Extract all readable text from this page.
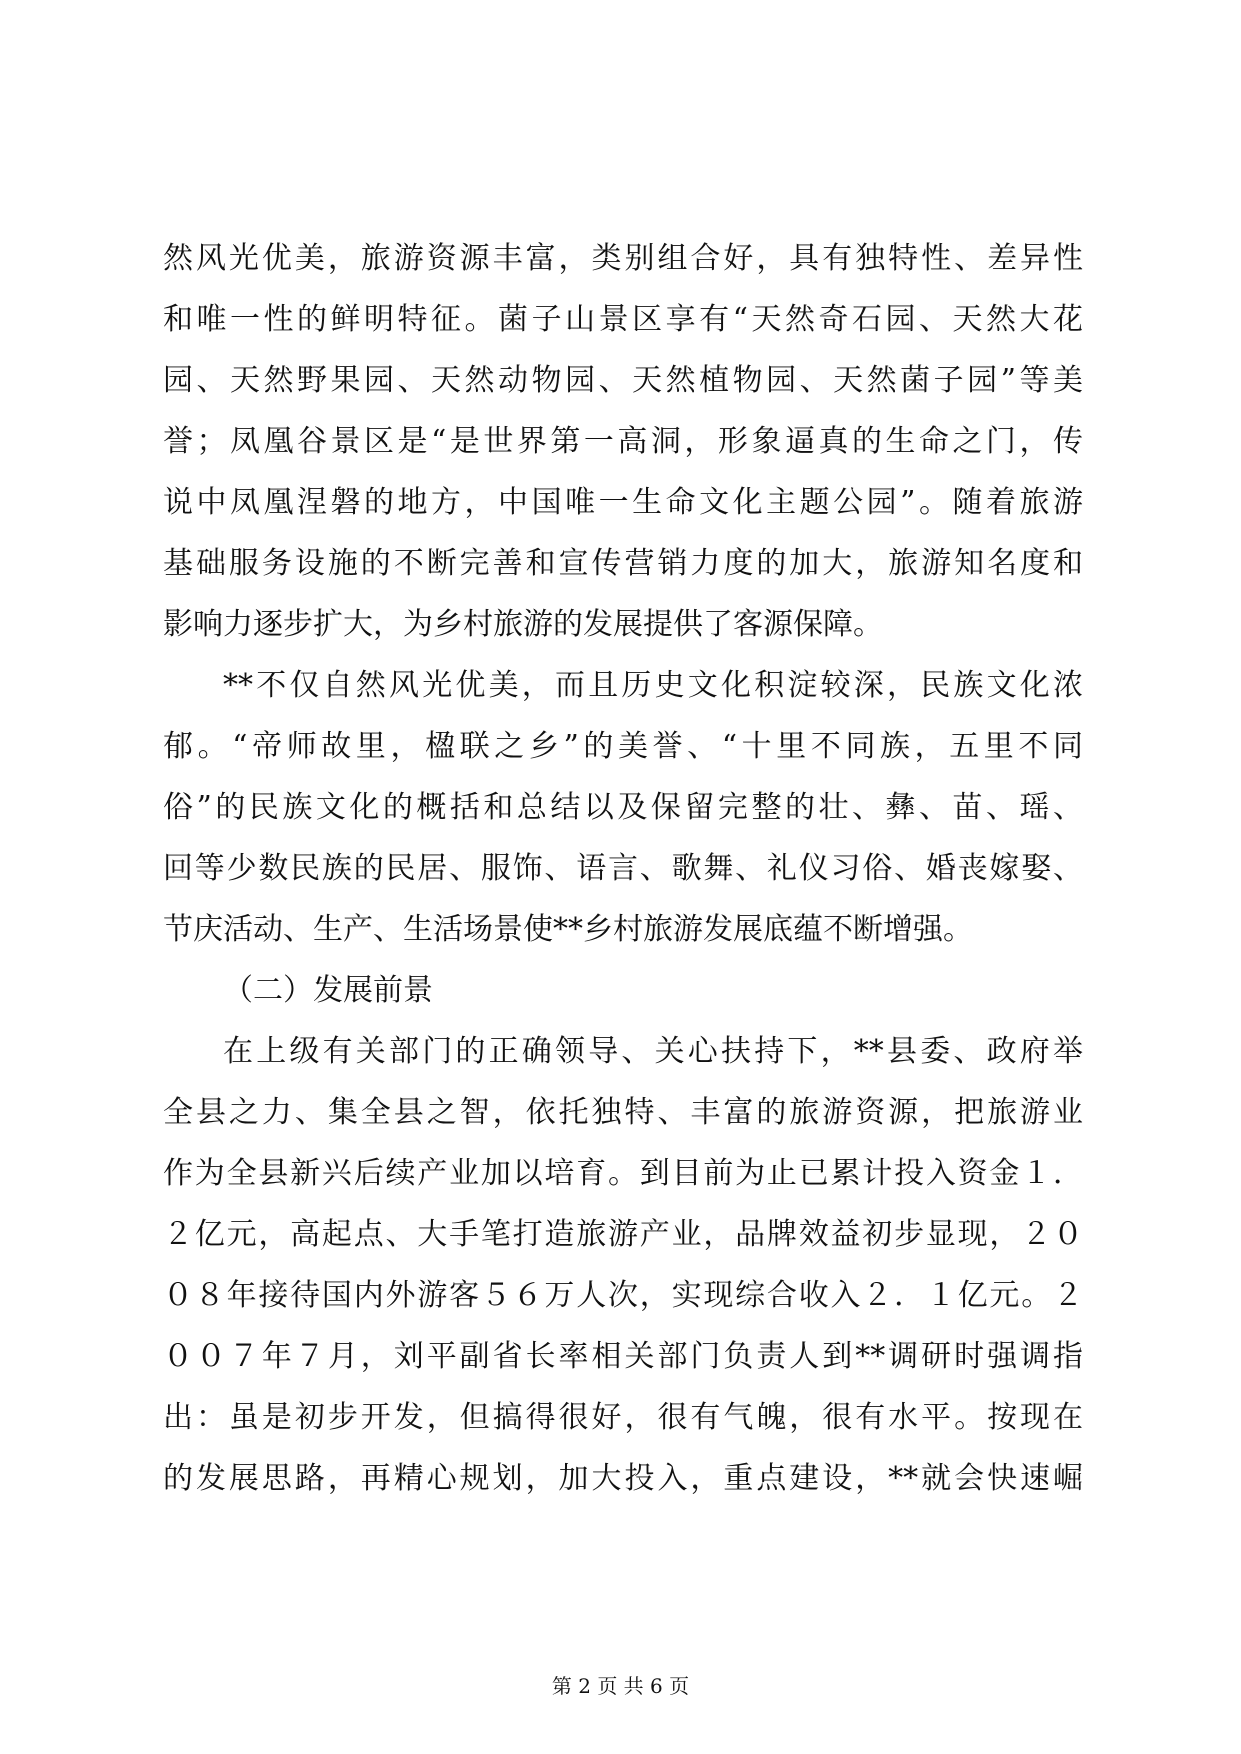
然风光优美，旅游资源丰富，类别组合好，具有独特性、差异性
和唯一性的鲜明特征。菌子山景区享有“天然奇石园、天然大花
园、天然野果园、天然动物园、天然植物园、天然菌子园”等美
誉；凤凰谷景区是“是世界第一高洞，形象逼真的生命之门，传
说中凤凰涅磐的地方，中国唯一生命文化主题公园”。随着旅游
基础服务设施的不断完善和宣传营销力度的加大，旅游知名度和
影响力逐步扩大，为乡村旅游的发展提供了客源保障。
**不仅自然风光优美，而且历史文化积淀较深，民族文化浓
郁。“帝师故里，楹联之乡”的美誉、“十里不同族，五里不同
俗”的民族文化的概括和总结以及保留完整的壮、彝、苗、瑶、
回等少数民族的民居、服饰、语言、歌舞、礼仪习俗、婚丧嫁娶、
节庆活动、生产、生活场景使**乡村旅游发展底蕴不断增强。
（二）发展前景
在上级有关部门的正确领导、关心扶持下，**县委、政府举
全县之力、集全县之智，依托独特、丰富的旅游资源，把旅游业
作为全县新兴后续产业加以培育。到目前为止已累计投入资金１．
２亿元，高起点、大手笔打造旅游产业，品牌效益初步显现，２０
０８年接待国内外游客５６万人次，实现综合收入２．１亿元。２
００７年７月，刘平副省长率相关部门负责人到**调研时强调指
出：虽是初步开发，但搞得很好，很有气魄，很有水平。按现在
的发展思路，再精心规划，加大投入，重点建设，**就会快速崛
第 2 页 共 6 页
